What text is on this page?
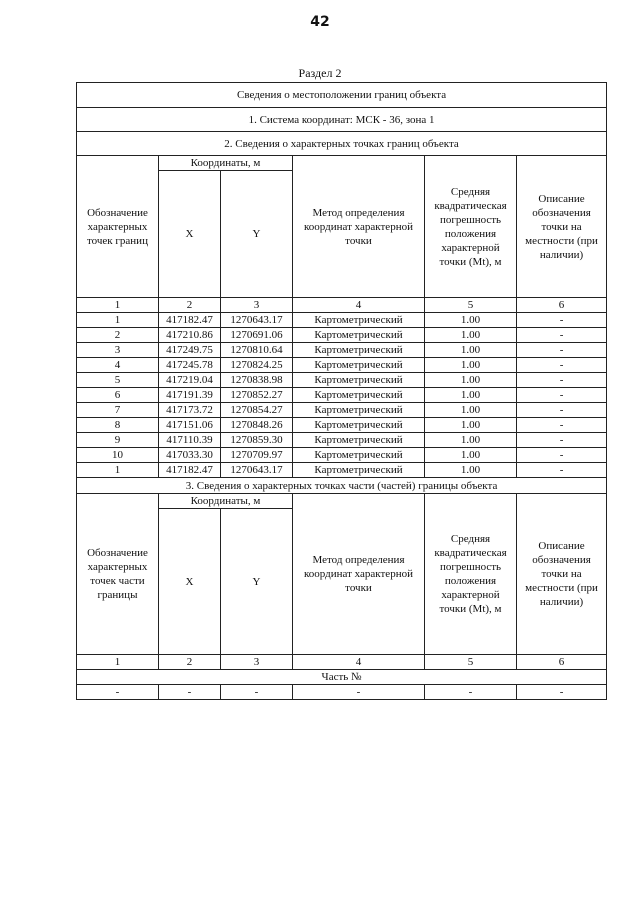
42
Раздел 2
Сведения о местоположении границ объекта					
1. Система координат: МСК - 36, зона 1					
2. Сведения о характерных точках границ объекта					
Обозначение характерных точек границ	Координаты, м		Метод определения координат характерной точки	Средняя квадратическая погрешность положения характерной точки (Mt), м	Описание обозначения точки на местности (при наличии)
	X	Y			
1	2	3	4	5	6
1	417182.47	1270643.17	Картометрический	1.00	-
2	417210.86	1270691.06	Картометрический	1.00	-
3	417249.75	1270810.64	Картометрический	1.00	-
4	417245.78	1270824.25	Картометрический	1.00	-
5	417219.04	1270838.98	Картометрический	1.00	-
6	417191.39	1270852.27	Картометрический	1.00	-
7	417173.72	1270854.27	Картометрический	1.00	-
8	417151.06	1270848.26	Картометрический	1.00	-
9	417110.39	1270859.30	Картометрический	1.00	-
10	417033.30	1270709.97	Картометрический	1.00	-
1	417182.47	1270643.17	Картометрический	1.00	-
3. Сведения о характерных точках части (частей) границы объекта					
Обозначение характерных точек части границы	Координаты, м		Метод определения координат характерной точки	Средняя квадратическая погрешность положения характерной точки (Mt), м	Описание обозначения точки на местности (при наличии)
	X	Y			
1	2	3	4	5	6
Часть №					
-	-	-	-	-	-
